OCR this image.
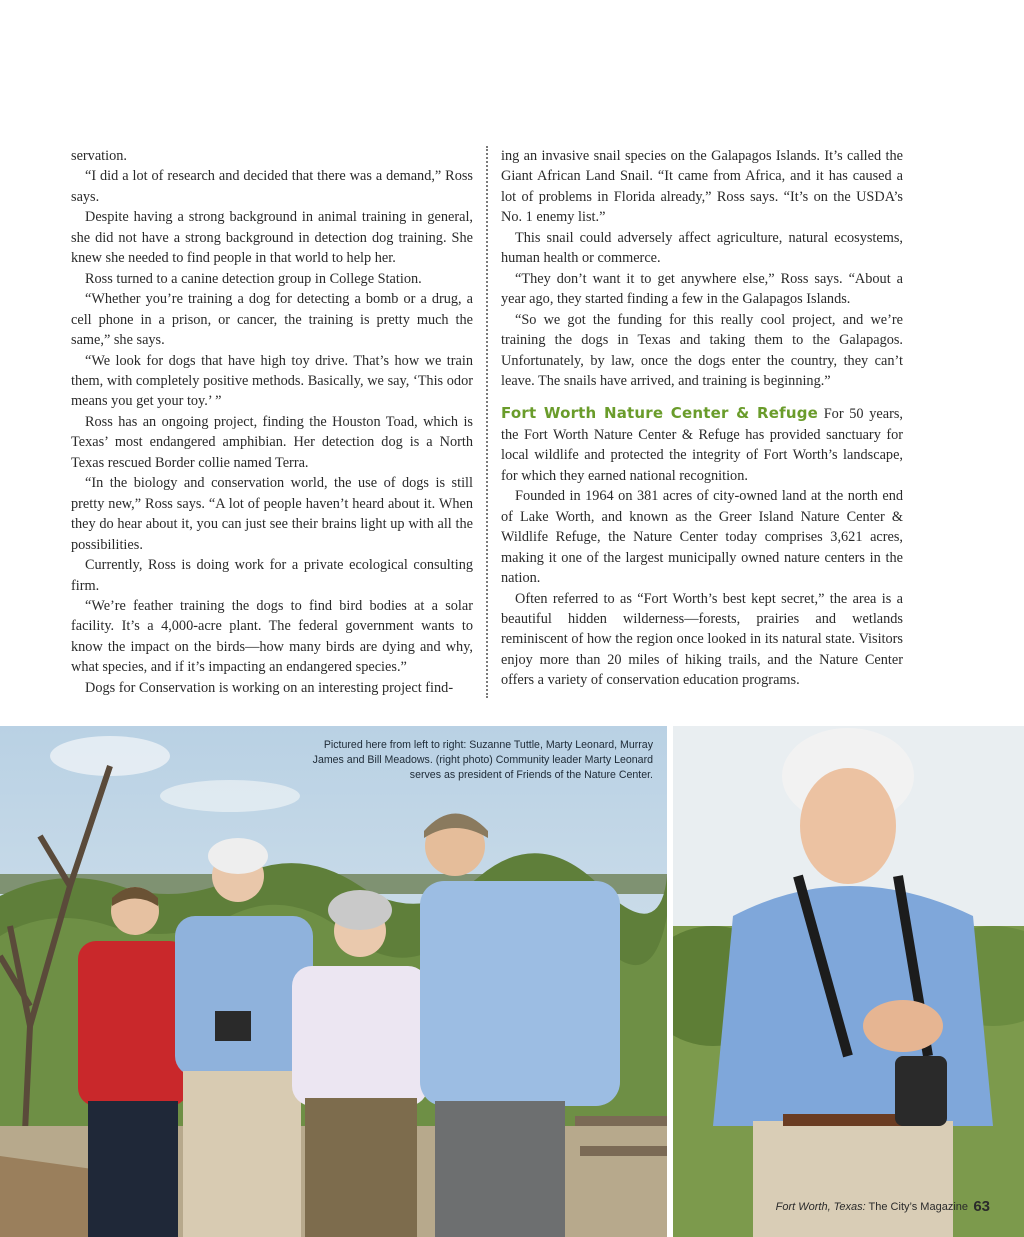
servation.

“I did a lot of research and decided that there was a demand,” Ross says.

Despite having a strong background in animal training in general, she did not have a strong background in detection dog training. She knew she needed to find people in that world to help her.

Ross turned to a canine detection group in College Station.

“Whether you’re training a dog for detecting a bomb or a drug, a cell phone in a prison, or cancer, the training is pretty much the same,” she says.

“We look for dogs that have high toy drive. That’s how we train them, with completely positive methods. Basically, we say, ‘This odor means you get your toy.’ ”

Ross has an ongoing project, finding the Houston Toad, which is Texas’ most endangered amphibian. Her detection dog is a North Texas rescued Border collie named Terra.

“In the biology and conservation world, the use of dogs is still pretty new,” Ross says. “A lot of people haven’t heard about it. When they do hear about it, you can just see their brains light up with all the possibilities.

Currently, Ross is doing work for a private ecological consulting firm.

“We’re feather training the dogs to find bird bodies at a solar facility. It’s a 4,000-acre plant. The federal government wants to know the impact on the birds—how many birds are dying and why, what species, and if it’s impacting an endangered species.”

Dogs for Conservation is working on an interesting project find-

ing an invasive snail species on the Galapagos Islands. It’s called the Giant African Land Snail. “It came from Africa, and it has caused a lot of problems in Florida already,” Ross says. “It’s on the USDA’s No. 1 enemy list.”

This snail could adversely affect agriculture, natural ecosystems, human health or commerce.

“They don’t want it to get anywhere else,” Ross says. “About a year ago, they started finding a few in the Galapagos Islands.

“So we got the funding for this really cool project, and we’re training the dogs in Texas and taking them to the Galapagos. Unfortunately, by law, once the dogs enter the country, they can’t leave. The snails have arrived, and training is beginning.”

Fort Worth Nature Center & Refuge For 50 years, the Fort Worth Nature Center & Refuge has provided sanctuary for local wildlife and protected the integrity of Fort Worth’s landscape, for which they earned national recognition.

Founded in 1964 on 381 acres of city-owned land at the north end of Lake Worth, and known as the Greer Island Nature Center & Wildlife Refuge, the Nature Center today comprises 3,621 acres, making it one of the largest municipally owned nature centers in the nation.

Often referred to as “Fort Worth’s best kept secret,” the area is a beautiful hidden wilderness—forests, prairies and wetlands reminiscent of how the region once looked in its natural state. Visitors enjoy more than 20 miles of hiking trails, and the Nature Center offers a variety of conservation education programs.

Pictured here from left to right: Suzanne Tuttle, Marty Leonard, Murray James and Bill Meadows. (right photo) Community leader Marty Leonard serves as president of Friends of the Nature Center.
Fort Worth, Texas: The City’s Magazine 63
